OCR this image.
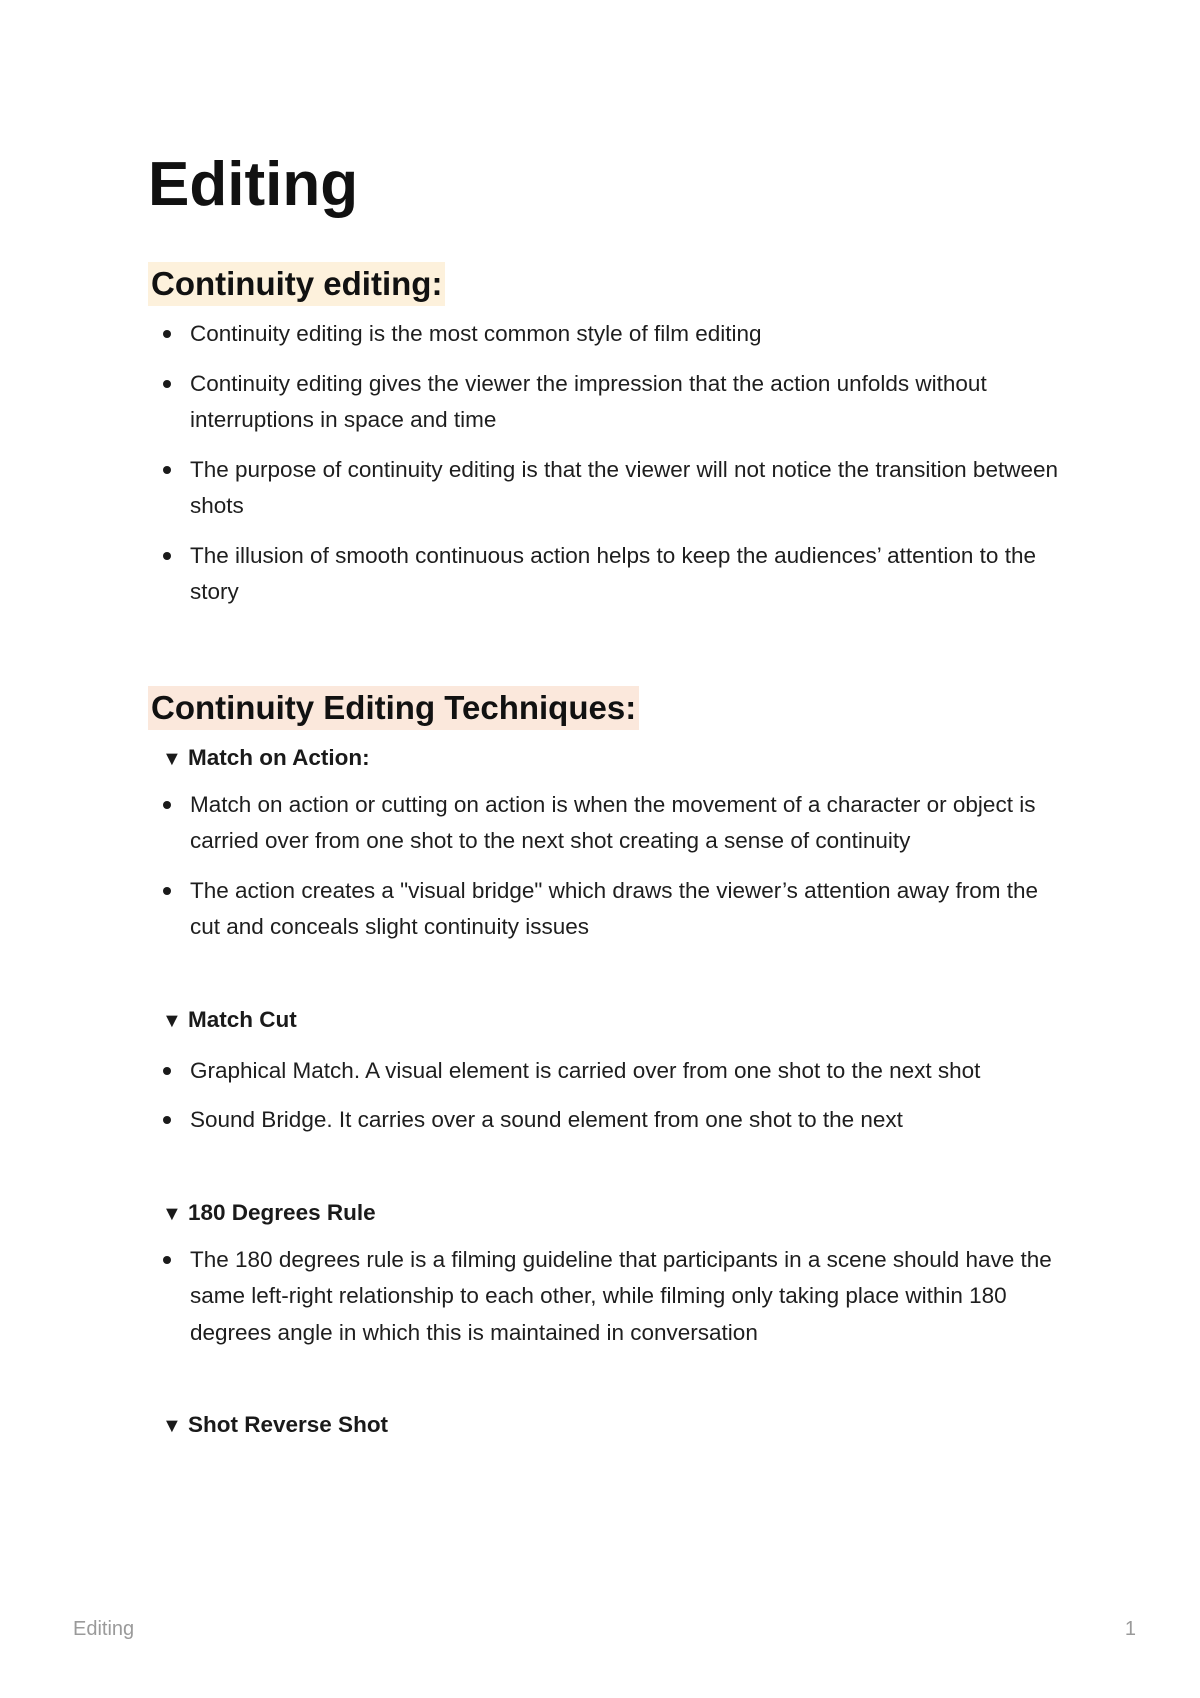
Editing
Continuity editing:
Continuity editing is the most common style of film editing
Continuity editing gives the viewer the impression that the action unfolds without interruptions in space and time
The purpose of continuity editing is that the viewer will not notice the transition between shots
The illusion of smooth continuous action helps to keep the audiences’ attention to the story
Continuity Editing Techniques:
▼ Match on Action:
Match on action or cutting on action is when the movement of a character or object is carried over from one shot to the next shot creating a sense of continuity
The action creates a "visual bridge" which draws the viewer’s attention away from the cut and conceals slight continuity issues
▼ Match Cut
Graphical Match. A visual element is carried over from one shot to the next shot
Sound Bridge. It carries over a sound element from one shot to the next
▼ 180 Degrees Rule
The 180 degrees rule is a filming guideline that participants in a scene should have the same left-right relationship to each other, while filming only taking place within 180 degrees angle in which this is maintained in conversation
▼ Shot Reverse Shot
Editing	1
